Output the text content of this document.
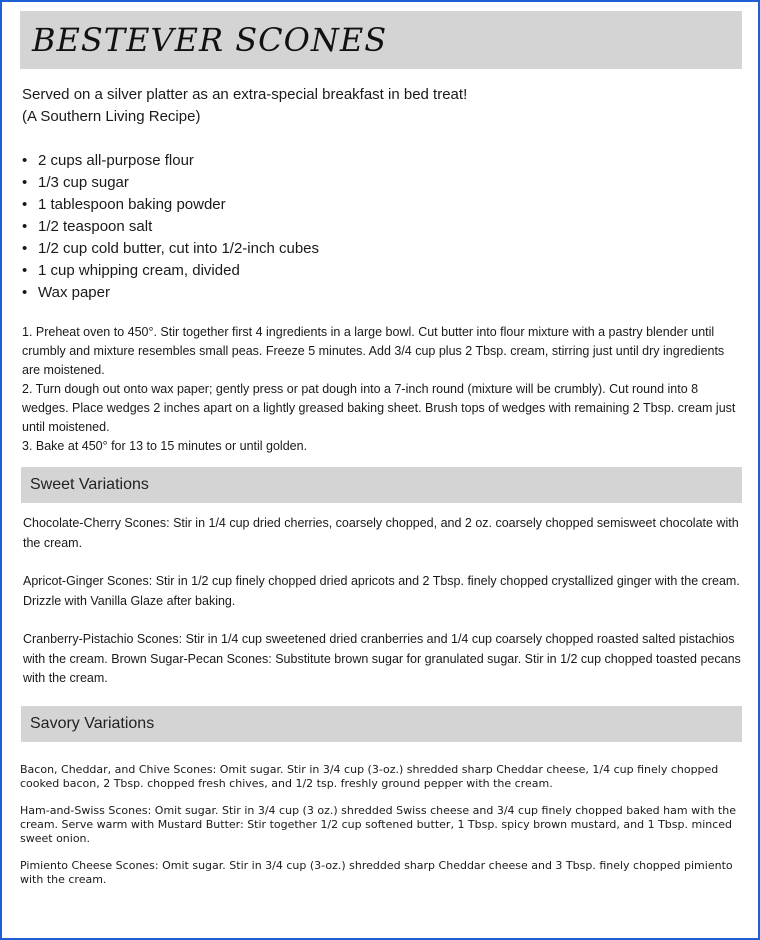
BESTEVER SCONES
Served on a silver platter as an extra-special breakfast in bed treat!
(A Southern Living Recipe)
• 2 cups all-purpose flour
• 1/3 cup sugar
• 1 tablespoon baking powder
• 1/2 teaspoon salt
• 1/2 cup cold butter, cut into 1/2-inch cubes
• 1 cup whipping cream, divided
• Wax paper

1. Preheat oven to 450°. Stir together first 4 ingredients in a large bowl. Cut butter into flour mixture with a pastry blender until crumbly and mixture resembles small peas. Freeze 5 minutes. Add 3/4 cup plus 2 Tbsp. cream, stirring just until dry ingredients are moistened.

2. Turn dough out onto wax paper; gently press or pat dough into a 7-inch round (mixture will be crumbly). Cut round into 8 wedges. Place wedges 2 inches apart on a lightly greased baking sheet. Brush tops of wedges with remaining 2 Tbsp. cream just until moistened.

3. Bake at 450° for 13 to 15 minutes or until golden.

Sweet Variations

Chocolate-Cherry Scones: Stir in 1/4 cup dried cherries, coarsely chopped, and 2 oz. coarsely chopped semisweet chocolate with the cream.

Apricot-Ginger Scones: Stir in 1/2 cup finely chopped dried apricots and 2 Tbsp. finely chopped crystallized ginger with the cream. Drizzle with Vanilla Glaze after baking.

Cranberry-Pistachio Scones: Stir in 1/4 cup sweetened dried cranberries and 1/4 cup coarsely chopped roasted salted pistachios with the cream. Brown Sugar-Pecan Scones: Substitute brown sugar for granulated sugar. Stir in 1/2 cup chopped toasted pecans with the cream.

Savory Variations

Bacon, Cheddar, and Chive Scones: Omit sugar. Stir in 3/4 cup (3-oz.) shredded sharp Cheddar cheese, 1/4 cup finely chopped cooked bacon, 2 Tbsp. chopped fresh chives, and 1/2 tsp. freshly ground pepper with the cream.

Ham-and-Swiss Scones: Omit sugar. Stir in 3/4 cup (3 oz.) shredded Swiss cheese and 3/4 cup finely chopped baked ham with the cream. Serve warm with Mustard Butter: Stir together 1/2 cup softened butter, 1 Tbsp. spicy brown mustard, and 1 Tbsp. minced sweet onion.

Pimiento Cheese Scones: Omit sugar. Stir in 3/4 cup (3-oz.) shredded sharp Cheddar cheese and 3 Tbsp. finely chopped pimiento with the cream.
